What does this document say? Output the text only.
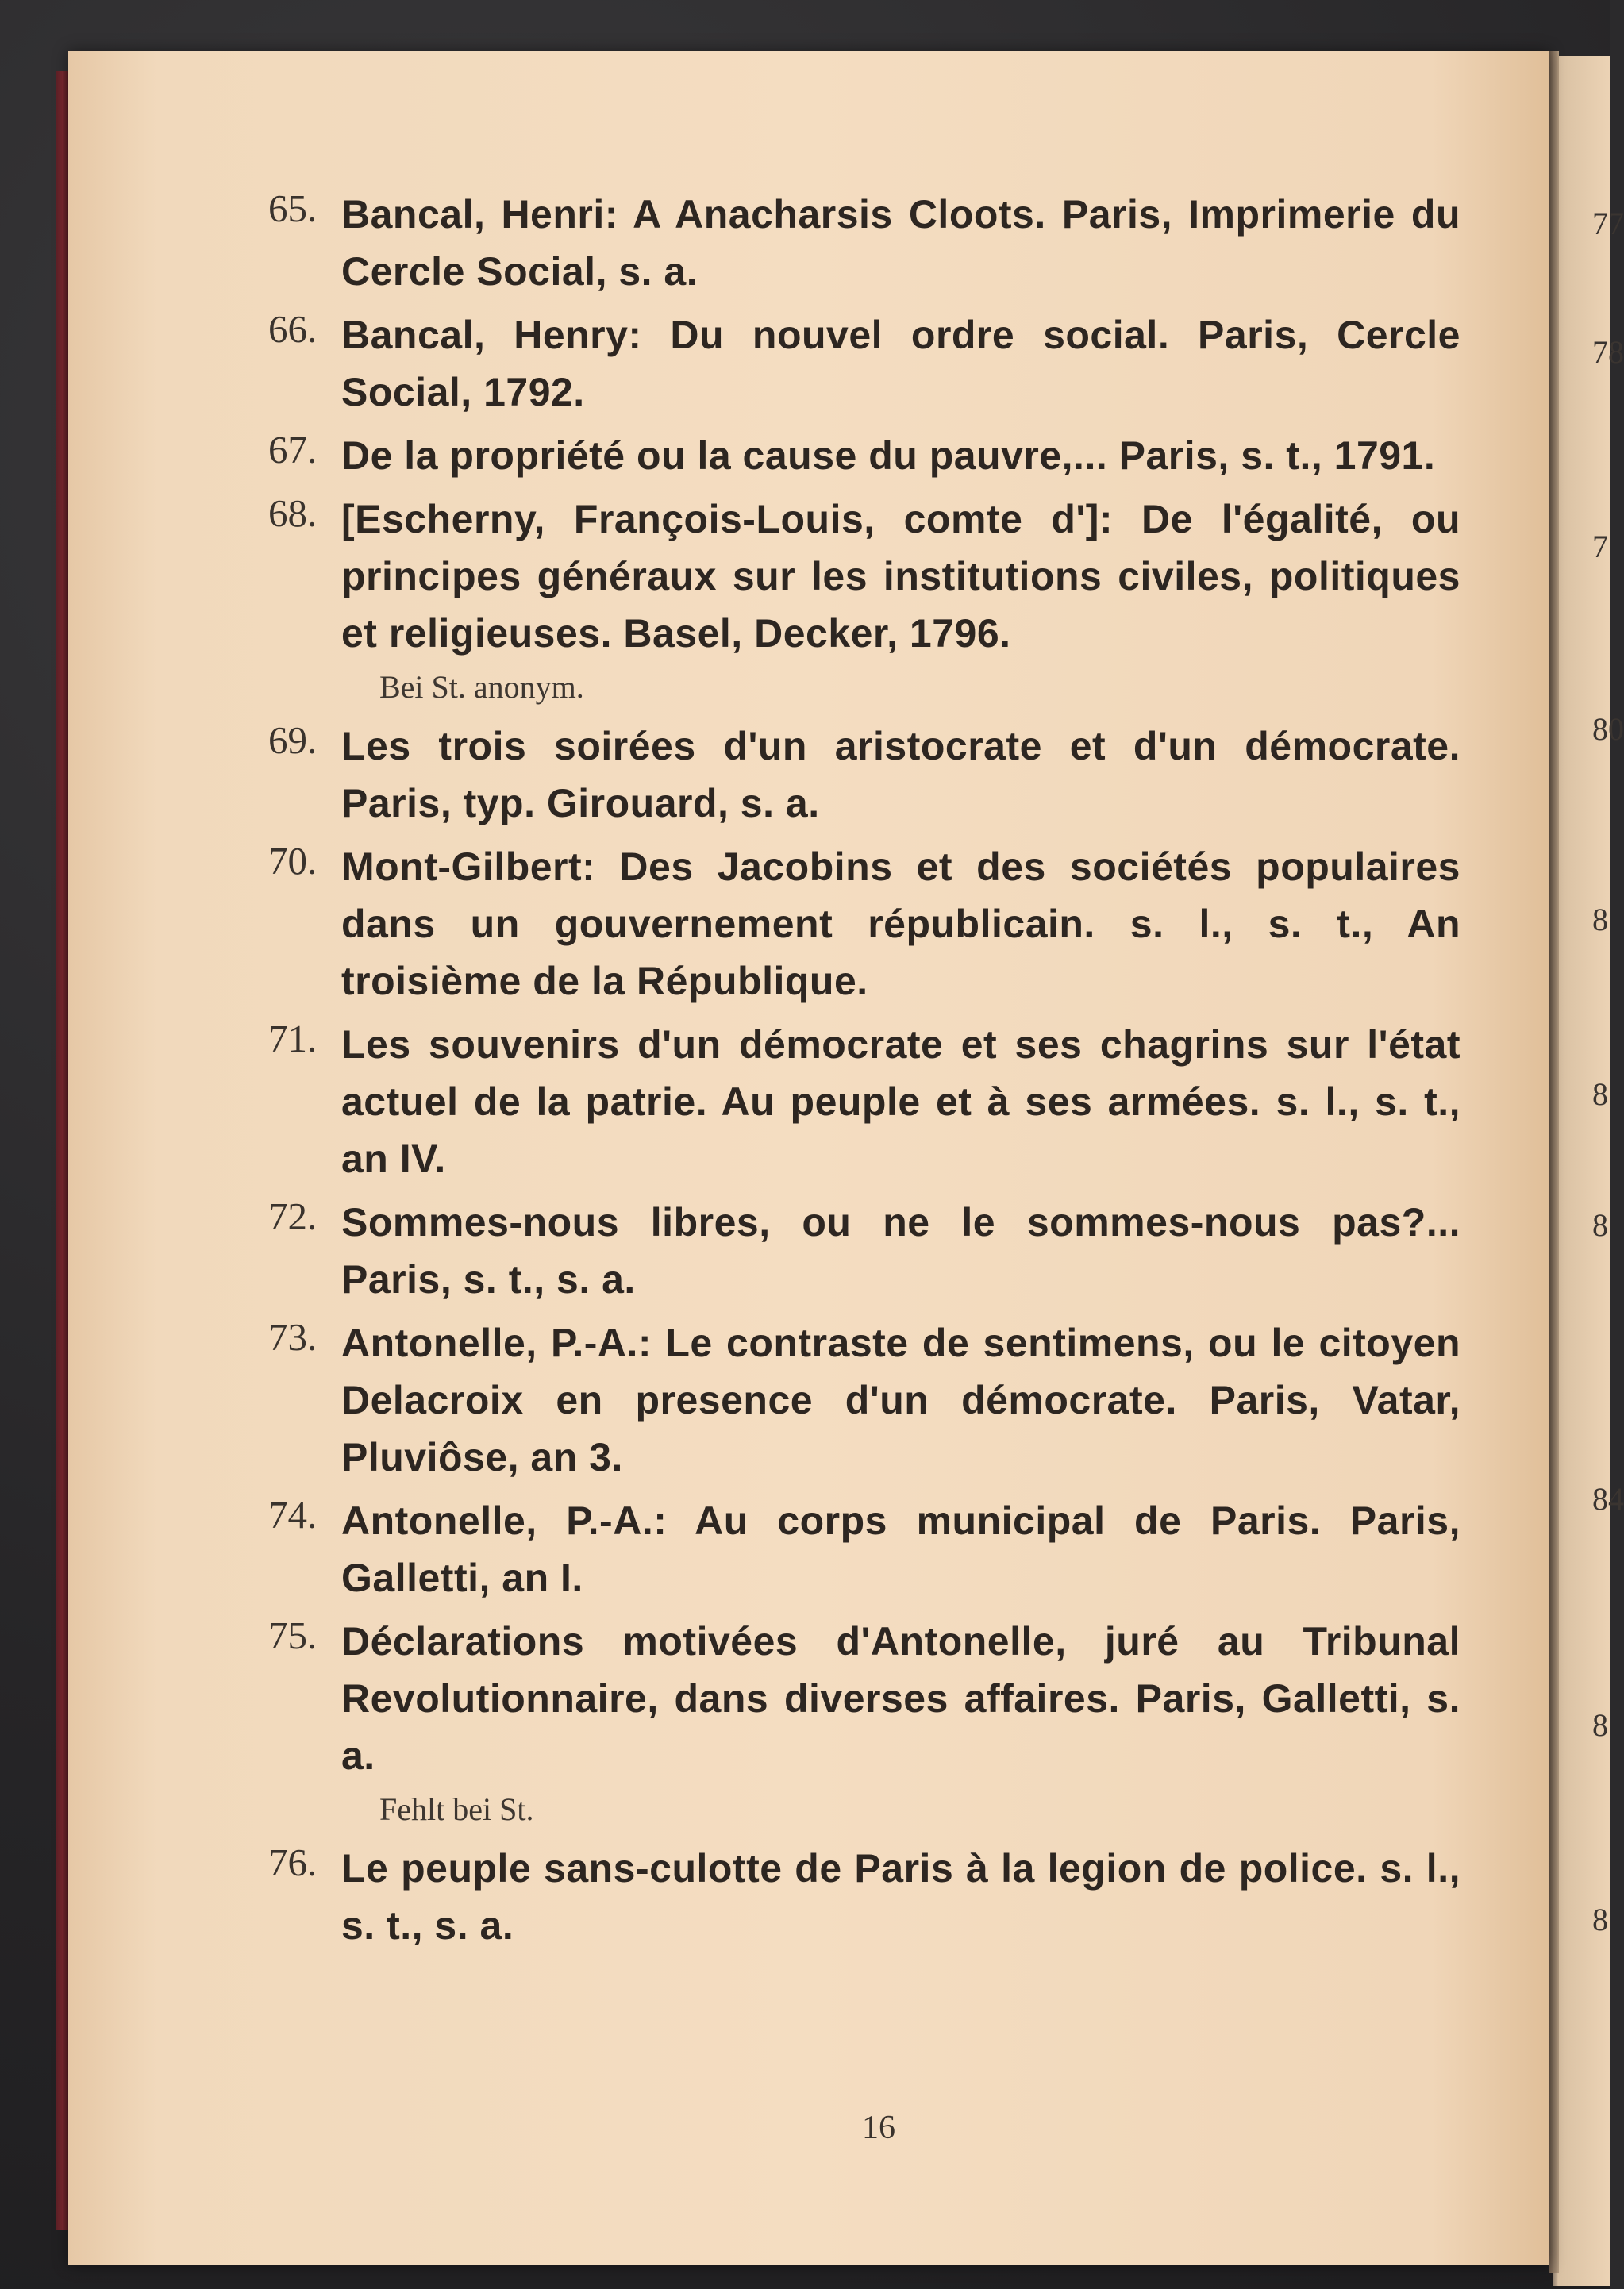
77
78
7
80
8
8
8
84
8
8
65. Bancal, Henri: A Anacharsis Cloots. Paris, Imprimerie du Cercle Social, s. a.
66. Bancal, Henry: Du nouvel ordre social. Paris, Cercle Social, 1792.
67. De la propriété ou la cause du pauvre,... Paris, s. t., 1791.
68. [Escherny, François-Louis, comte d']: De l'égalité, ou principes généraux sur les institutions civiles, politiques et religieuses. Basel, Decker, 1796.
Bei St. anonym.
69. Les trois soirées d'un aristocrate et d'un démocrate. Paris, typ. Girouard, s. a.
70. Mont-Gilbert: Des Jacobins et des sociétés populaires dans un gouvernement républicain. s. l., s. t., An troisième de la République.
71. Les souvenirs d'un démocrate et ses chagrins sur l'état actuel de la patrie. Au peuple et à ses armées. s. l., s. t., an IV.
72. Sommes-nous libres, ou ne le sommes-nous pas?... Paris, s. t., s. a.
73. Antonelle, P.-A.: Le contraste de sentimens, ou le citoyen Delacroix en presence d'un démocrate. Paris, Vatar, Pluviôse, an 3.
74. Antonelle, P.-A.: Au corps municipal de Paris. Paris, Galletti, an I.
75. Déclarations motivées d'Antonelle, juré au Tribunal Revolutionnaire, dans diverses affaires. Paris, Galletti, s. a.
Fehlt bei St.
76. Le peuple sans-culotte de Paris à la legion de police. s. l., s. t., s. a.
16
